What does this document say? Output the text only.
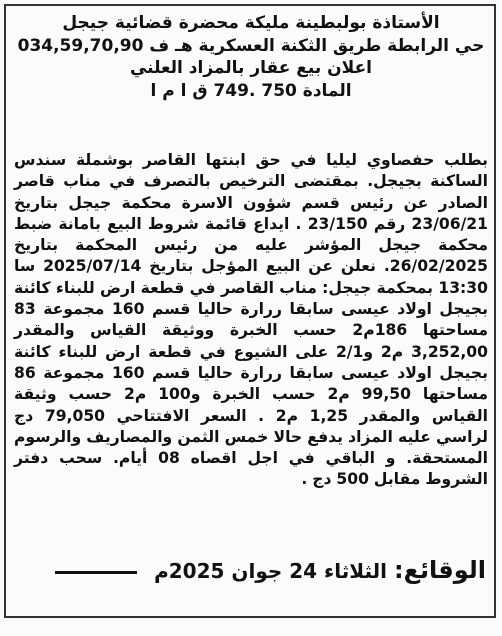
الأستاذة بولبطينة مليكة محضرة قضائية جيجل
حي الرابطة طريق الثكنة العسكرية هـ ف 034,59,70,90
اعلان بيع عقار بالمزاد العلني
المادة 750 .749 ق ا م ا
بطلب حفصاوي ليليا في حق ابنتها القاصر بوشملة سندس الساكنة بجيجل. بمقتضى الترخيص بالتصرف في مناب قاصر الصادر عن رئيس قسم شؤون الاسرة محكمة جيجل بتاريخ 23/06/21 رقم 23/150 . ايداع قائمة شروط البيع بامانة ضبط محكمة جيجل المؤشر عليه من رئيس المحكمة بتاريخ 26/02/2025. نعلن عن البيع المؤجل بتاريخ 2025/07/14 سا 13:30 بمحكمة جيجل: مناب القاصر في قطعة ارض للبناء كائنة بجيجل اولاد عيسى سابقا ررارة حاليا قسم 160 مجموعة 83 مساحتها 186م2 حسب الخبرة ووثيقة القياس والمقدر 3,252,00 م2 و2/1 على الشيوع في قطعة ارض للبناء كائنة بجيجل اولاد عيسى سابقا ررارة حاليا قسم 160 مجموعة 86 مساحتها 99,50 م2 حسب الخبرة و100 م2 حسب وثيقة القياس والمقدر 1,25 م2 . السعر الافتتاحي 79,050 دج لراسي عليه المزاد يدفع حالا خمس الثمن والمصاريف والرسوم المستحقة. و الباقي في اجل اقصاه 08 أيام. سحب دفتر الشروط مقابل 500 دج .
الوقائع: الثلاثاء 24 جوان 2025م
